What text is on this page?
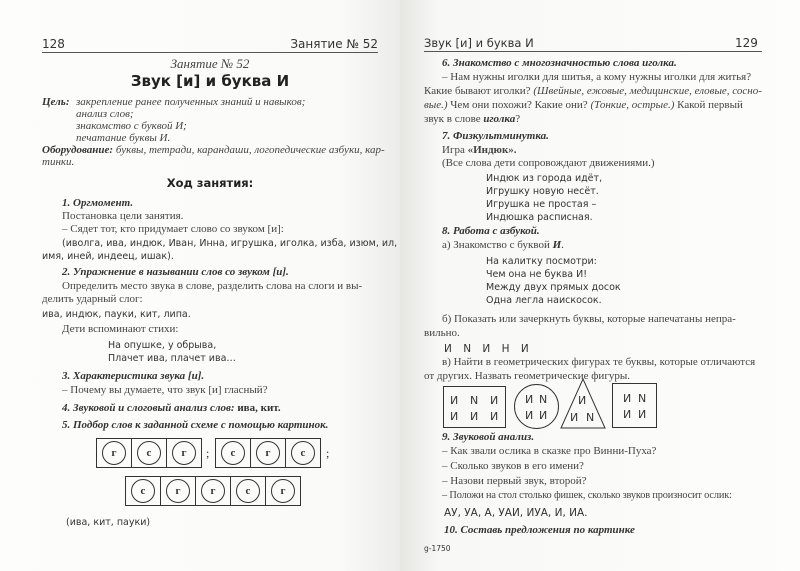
128	Занятие № 52
Занятие № 52
Звук [и] и буква И
Цель: закрепление ранее полученных знаний и навыков;
анализ слов;
знакомство с буквой И;
печатание буквы И.
Оборудование: буквы, тетради, карандаши, логопедические азбуки, кар-
тинки.
Ход занятия:
1. Оргмомент.
Постановка цели занятия.
– Сядет тот, кто придумает слово со звуком [и]:
(иволга, ива, индюк, Иван, Инна, игрушка, иголка, изба, изюм, ил,
имя, иней, индеец, ишак).
2. Упражнение в назывании слов со звуком [и].
Определить место звука в слове, разделить слова на слоги и вы-
делить ударный слог:
ива, индюк, пауки, кит, липа.
Дети вспоминают стихи:
На опушке, у обрыва,
Плачет ива, плачет ива…
3. Характеристика звука [и].
– Почему вы думаете, что звук [и] гласный?
4. Звуковой и слоговый анализ слов: ива, кит.
5. Подбор слов к заданной схеме с помощью картинок.
г	с	г	;	с	г	с	;
с	г	г	с	г
(ива, кит, пауки)
Звук [и] и буква И	129
6. Знакомство с многозначностью слова иголка.
– Нам нужны иголки для шитья, а кому нужны иголки для житья?
Какие бывают иголки? (Швейные, ежовые, медицинские, еловые, сосно-
вые.) Чем они похожи? Какие они? (Тонкие, острые.) Какой первый
звук в слове иголка?
7. Физкультминутка.
Игра «Индюк».
(Все слова дети сопровождают движениями.)
Индюк из города идёт,
Игрушку новую несёт.
Игрушка не простая –
Индюшка расписная.
8. Работа с азбукой.
а) Знакомство с буквой И.
На калитку посмотри:
Чем она не буква И!
Между двух прямых досок
Одна легла наискосок.
б) Показать или зачеркнуть буквы, которые напечатаны непра-
вильно.
И N И Н И
в) Найти в геометрических фигурах те буквы, которые отличаются
от других. Назвать геометрические фигуры.
И N И
И И И
И N
И И
И
И N
И N
И И
9. Звуковой анализ.
– Как звали ослика в сказке про Винни-Пуха?
– Сколько звуков в его имени?
– Назови первый звук, второй?
– Положи на стол столько фишек, сколько звуков произносит ослик:
АУ, УА, А, УАИ, ИУА, И, ИА.
10. Составь предложения по картинке
g-1750
